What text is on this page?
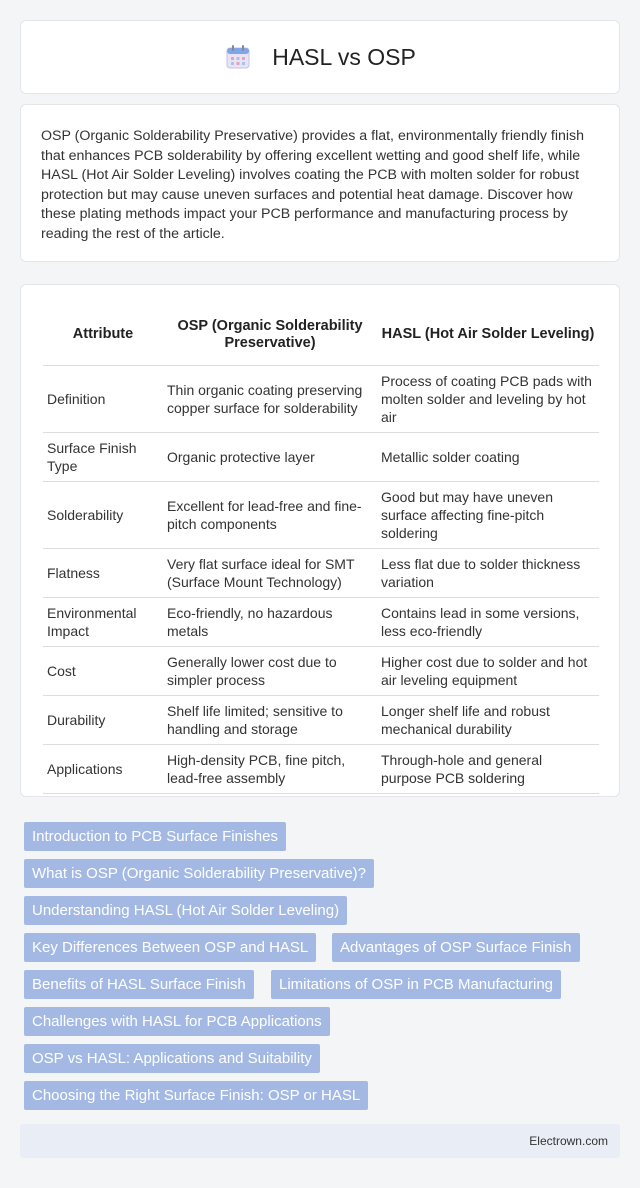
HASL vs OSP

OSP (Organic Solderability Preservative) provides a flat, environmentally friendly finish that enhances PCB solderability by offering excellent wetting and good shelf life, while HASL (Hot Air Solder Leveling) involves coating the PCB with molten solder for robust protection but may cause uneven surfaces and potential heat damage. Discover how these plating methods impact your PCB performance and manufacturing process by reading the rest of the article.

Attribute	OSP (Organic Solderability Preservative)	HASL (Hot Air Solder Leveling)
Definition	Thin organic coating preserving copper surface for solderability	Process of coating PCB pads with molten solder and leveling by hot air
Surface Finish Type	Organic protective layer	Metallic solder coating
Solderability	Excellent for lead-free and fine-pitch components	Good but may have uneven surface affecting fine-pitch soldering
Flatness	Very flat surface ideal for SMT (Surface Mount Technology)	Less flat due to solder thickness variation
Environmental Impact	Eco-friendly, no hazardous metals	Contains lead in some versions, less eco-friendly
Cost	Generally lower cost due to simpler process	Higher cost due to solder and hot air leveling equipment
Durability	Shelf life limited; sensitive to handling and storage	Longer shelf life and robust mechanical durability
Applications	High-density PCB, fine pitch, lead-free assembly	Through-hole and general purpose PCB soldering
Introduction to PCB Surface Finishes
What is OSP (Organic Solderability Preservative)?
Understanding HASL (Hot Air Solder Leveling)
Key Differences Between OSP and HASL	Advantages of OSP Surface Finish
Benefits of HASL Surface Finish	Limitations of OSP in PCB Manufacturing
Challenges with HASL for PCB Applications
OSP vs HASL: Applications and Suitability
Choosing the Right Surface Finish: OSP or HASL
Electrown.com
